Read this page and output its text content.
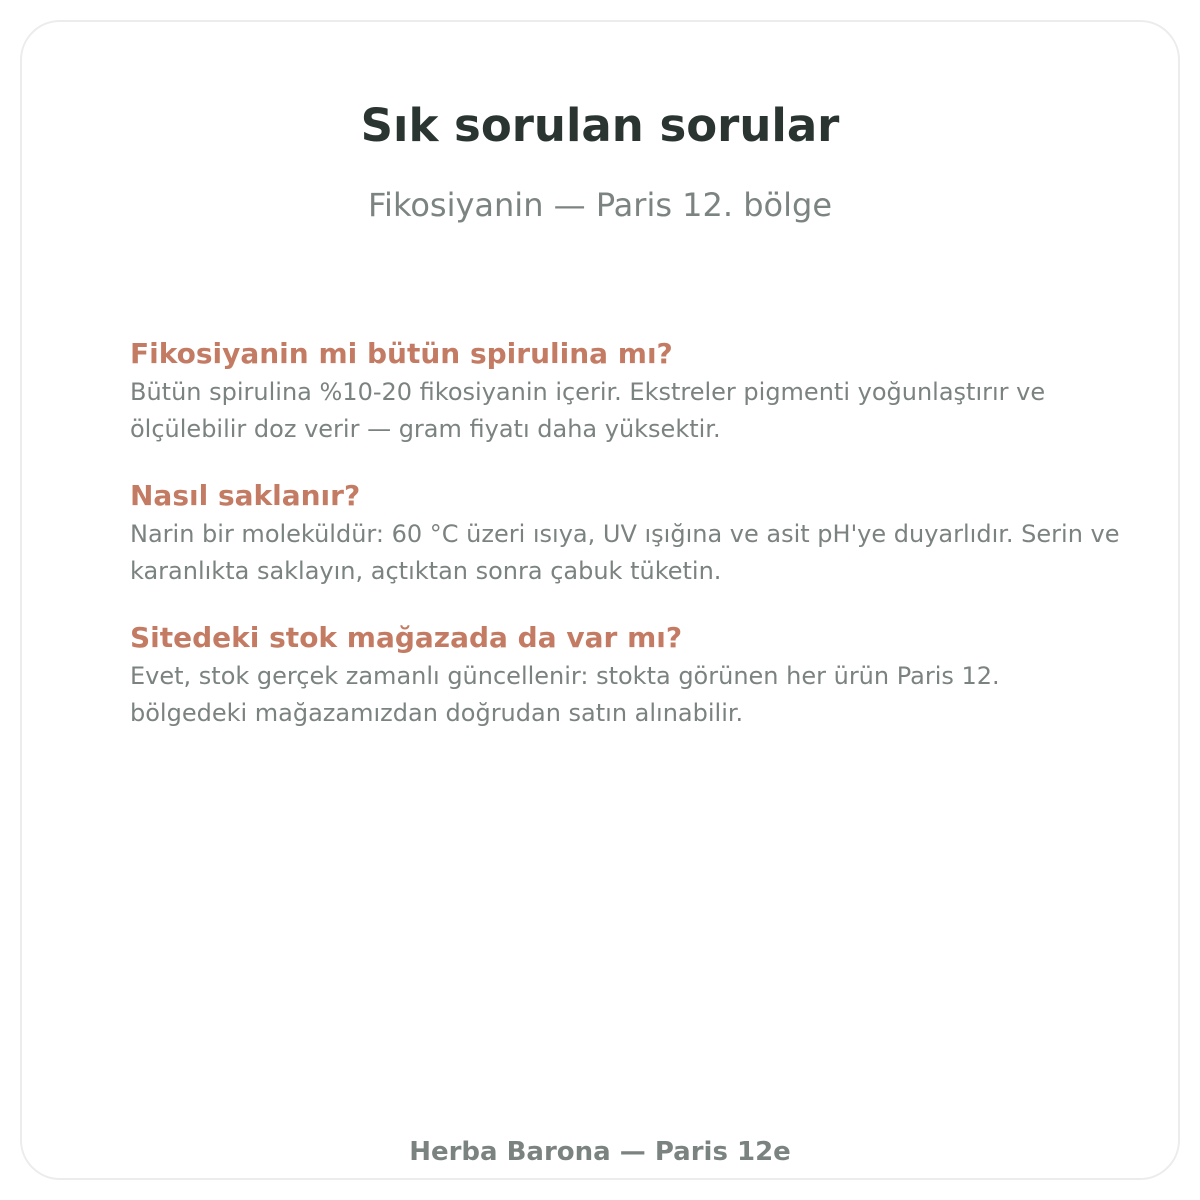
Sık sorulan sorular

Fikosiyanin — Paris 12. bölge

Fikosiyanin mi bütün spirulina mı?

Bütün spirulina %10-20 fikosiyanin içerir. Ekstreler pigmenti yoğunlaştırır ve ölçülebilir doz verir — gram fiyatı daha yüksektir.

Nasıl saklanır?

Narin bir moleküldür: 60 °C üzeri ısıya, UV ışığına ve asit pH'ye duyarlıdır. Serin ve karanlıkta saklayın, açtıktan sonra çabuk tüketin.

Sitedeki stok mağazada da var mı?

Evet, stok gerçek zamanlı güncellenir: stokta görünen her ürün Paris 12. bölgedeki mağazamızdan doğrudan satın alınabilir.

Herba Barona — Paris 12e
